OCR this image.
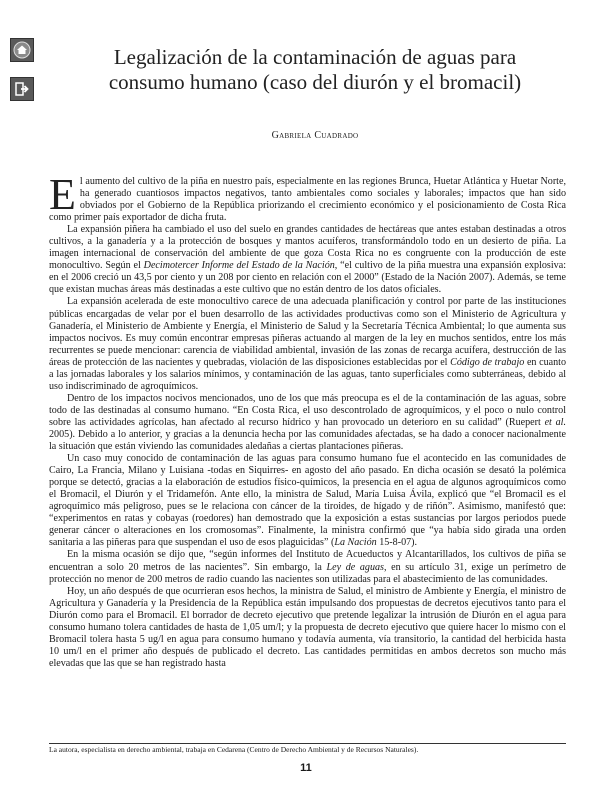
Legalización de la contaminación de aguas para
consumo humano (caso del diurón y el bromacil)
Gabriela Cuadrado

El aumento del cultivo de la piña en nuestro país, especialmente en las regiones Brunca, Huetar Atlántica y Huetar Norte, ha generado cuantiosos impactos negativos, tanto ambientales como sociales y laborales; impactos que han sido obviados por el Gobierno de la República priorizando el crecimiento económico y el posicionamiento de Costa Rica como primer país exportador de dicha fruta.

La expansión piñera ha cambiado el uso del suelo en grandes cantidades de hectáreas que antes estaban destinadas a otros cultivos, a la ganadería y a la protección de bosques y mantos acuíferos, transformándolo todo en un desierto de piña. La imagen internacional de conservación del ambiente de que goza Costa Rica no es congruente con la producción de este monocultivo. Según el Decimotercer Informe del Estado de la Nación, “el cultivo de la piña muestra una expansión explosiva: en el 2006 creció un 43,5 por ciento y un 208 por ciento en relación con el 2000” (Estado de la Nación 2007). Además, se teme que existan muchas áreas más destinadas a este cultivo que no están dentro de los datos oficiales.

La expansión acelerada de este monocultivo carece de una adecuada planificación y control por parte de las instituciones públicas encargadas de velar por el buen desarrollo de las actividades productivas como son el Ministerio de Agricultura y Ganadería, el Ministerio de Ambiente y Energía, el Ministerio de Salud y la Secretaría Técnica Ambiental; lo que aumenta sus impactos nocivos. Es muy común encontrar empresas piñeras actuando al margen de la ley en muchos sentidos, entre los más recurrentes se puede mencionar: carencia de viabilidad ambiental, invasión de las zonas de recarga acuífera, destrucción de las áreas de protección de las nacientes y quebradas, violación de las disposiciones establecidas por el Código de trabajo en cuanto a las jornadas laborales y los salarios mínimos, y contaminación de las aguas, tanto superficiales como subterráneas, debido al uso indiscriminado de agroquímicos.

Dentro de los impactos nocivos mencionados, uno de los que más preocupa es el de la contaminación de las aguas, sobre todo de las destinadas al consumo humano. “En Costa Rica, el uso descontrolado de agroquímicos, y el poco o nulo control sobre las actividades agrícolas, han afectado al recurso hídrico y han provocado un deterioro en su calidad” (Ruepert et al. 2005). Debido a lo anterior, y gracias a la denuncia hecha por las comunidades afectadas, se ha dado a conocer nacionalmente la situación que están viviendo las comunidades aledañas a ciertas plantaciones piñeras.

Un caso muy conocido de contaminación de las aguas para consumo humano fue el acontecido en las comunidades de Cairo, La Francia, Milano y Luisiana -todas en Siquirres- en agosto del año pasado. En dicha ocasión se desató la polémica porque se detectó, gracias a la elaboración de estudios físico-químicos, la presencia en el agua de algunos agroquímicos como el Bromacil, el Diurón y el Tridamefón. Ante ello, la ministra de Salud, María Luisa Ávila, explicó que “el Bromacil es el agroquímico más peligroso, pues se le relaciona con cáncer de la tiroides, de hígado y de riñón”. Asimismo, manifestó que: “experimentos en ratas y cobayas (roedores) han demostrado que la exposición a estas sustancias por largos periodos puede generar cáncer o alteraciones en los cromosomas”. Finalmente, la ministra confirmó que “ya había sido girada una orden sanitaria a las piñeras para que suspendan el uso de esos plaguicidas” (La Nación 15-8-07).

En la misma ocasión se dijo que, “según informes del Instituto de Acueductos y Alcantarillados, los cultivos de piña se encuentran a solo 20 metros de las nacientes”. Sin embargo, la Ley de aguas, en su artículo 31, exige un perímetro de protección no menor de 200 metros de radio cuando las nacientes son utilizadas para el abastecimiento de las comunidades.

Hoy, un año después de que ocurrieran esos hechos, la ministra de Salud, el ministro de Ambiente y Energía, el ministro de Agricultura y Ganadería y la Presidencia de la República están impulsando dos propuestas de decretos ejecutivos tanto para el Diurón como para el Bromacil. El borrador de decreto ejecutivo que pretende legalizar la intrusión de Diurón en el agua para consumo humano tolera cantidades de hasta de 1,05 um/l; y la propuesta de decreto ejecutivo que quiere hacer lo mismo con el Bromacil tolera hasta 5 ug/l en agua para consumo humano y todavía aumenta, vía transitorio, la cantidad del herbicida hasta 10 um/l en el primer año después de publicado el decreto. Las cantidades permitidas en ambos decretos son mucho más elevadas que las que se han registrado hasta

La autora, especialista en derecho ambiental, trabaja en Cedarena (Centro de Derecho Ambiental y de Recursos Naturales).
11
